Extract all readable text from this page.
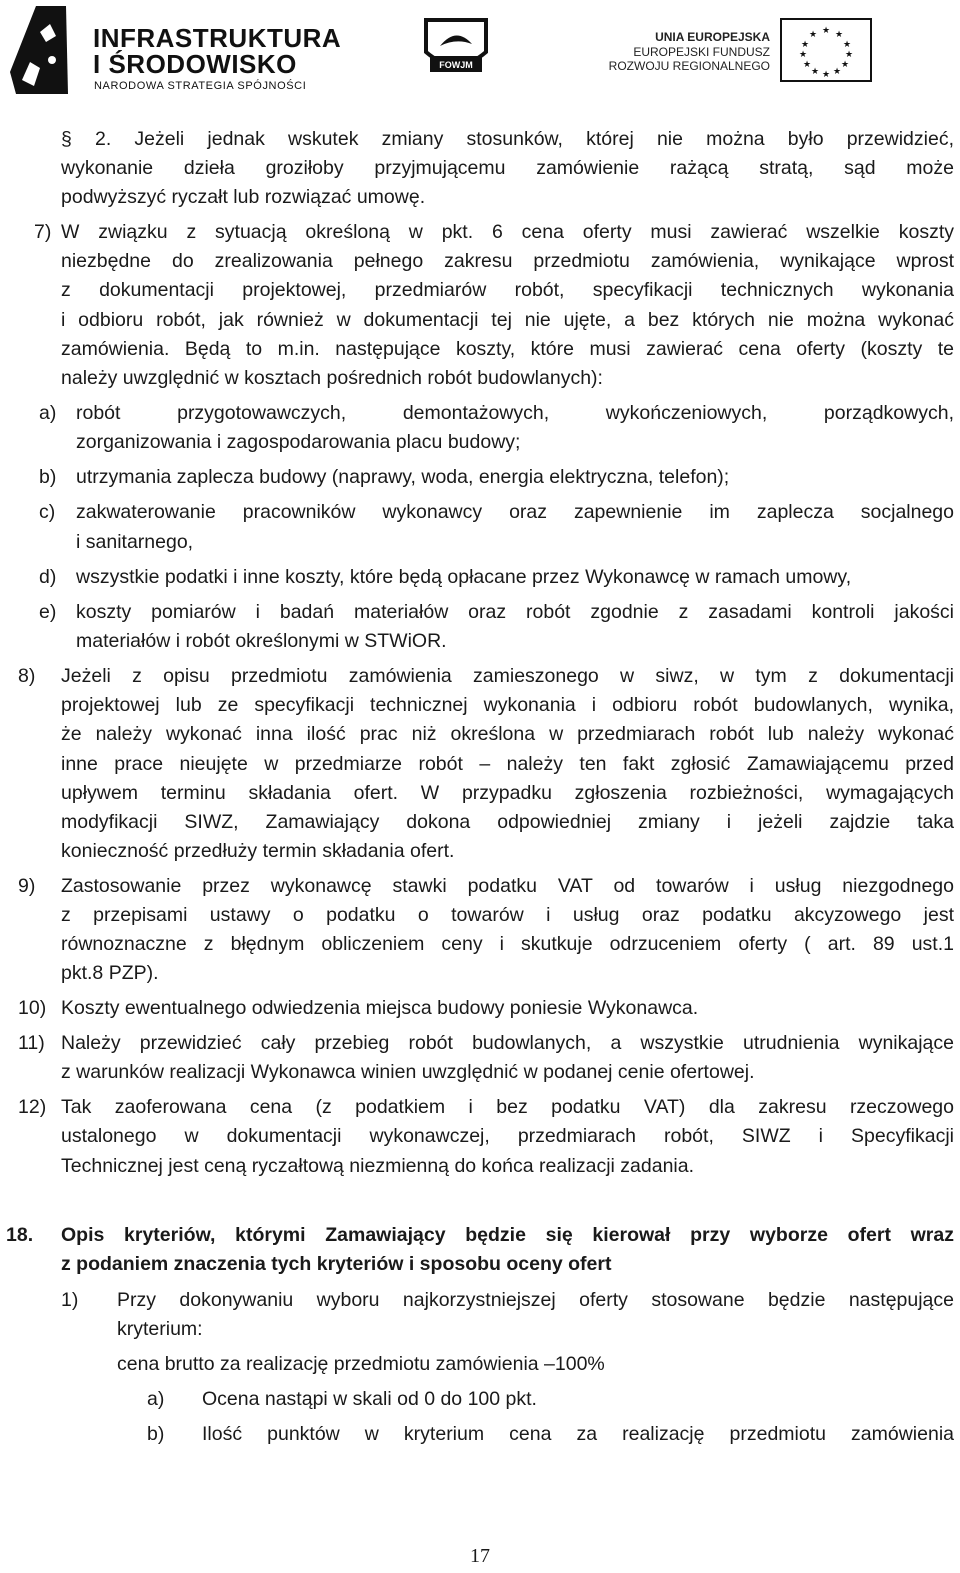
INFRASTRUKTURA
I ŚRODOWISKO
NARODOWA STRATEGIA SPÓJNOŚCI
FOWJM
UNIA EUROPEJSKA
EUROPEJSKI FUNDUSZ
ROZWOJU REGIONALNEGO
★ ★
★
★
★
★
★
★
★
★
★
★
§ 2. Jeżeli jednak wskutek zmiany stosunków, której nie można było przewidzieć,
wykonanie dzieła groziłoby przyjmującemu zamówienie rażącą stratą, sąd może
podwyższyć ryczałt lub rozwiązać umowę.
7) W związku z sytuacją określoną w pkt. 6 cena oferty musi zawierać wszelkie koszty
niezbędne do zrealizowania pełnego zakresu przedmiotu zamówienia, wynikające wprost
z dokumentacji projektowej, przedmiarów robót, specyfikacji technicznych wykonania
i odbioru robót, jak również w dokumentacji tej nie ujęte, a bez których nie można wykonać
zamówienia. Będą to m.in. następujące koszty, które musi zawierać cena oferty (koszty te
należy uwzględnić w kosztach pośrednich robót budowlanych):
a) robót przygotowawczych, demontażowych, wykończeniowych, porządkowych,
zorganizowania i zagospodarowania placu budowy;
b) utrzymania zaplecza budowy (naprawy, woda, energia elektryczna, telefon);
c) zakwaterowanie pracowników wykonawcy oraz zapewnienie im zaplecza socjalnego
i sanitarnego,
d) wszystkie podatki i inne koszty, które będą opłacane przez Wykonawcę w ramach umowy,
e) koszty pomiarów i badań materiałów oraz robót zgodnie z zasadami kontroli jakości
materiałów i robót określonymi w STWiOR.
8) Jeżeli z opisu przedmiotu zamówienia zamieszonego w siwz, w tym z dokumentacji
projektowej lub ze specyfikacji technicznej wykonania i odbioru robót budowlanych, wynika,
że należy wykonać inna ilość prac niż określona w przedmiarach robót lub należy wykonać
inne prace nieujęte w przedmiarze robót – należy ten fakt zgłosić Zamawiającemu przed
upływem terminu składania ofert. W przypadku zgłoszenia rozbieżności, wymagających
modyfikacji SIWZ, Zamawiający dokona odpowiedniej zmiany i jeżeli zajdzie taka
konieczność przedłuży termin składania ofert.
9) Zastosowanie przez wykonawcę stawki podatku VAT od towarów i usług niezgodnego
z przepisami ustawy o podatku o towarów i usług oraz podatku akcyzowego jest
równoznaczne z błędnym obliczeniem ceny i skutkuje odrzuceniem oferty ( art. 89 ust.1
pkt.8 PZP).
10) Koszty ewentualnego odwiedzenia miejsca budowy poniesie Wykonawca.
11) Należy przewidzieć cały przebieg robót budowlanych, a wszystkie utrudnienia wynikające
z warunków realizacji Wykonawca winien uwzględnić w podanej cenie ofertowej.
12) Tak zaoferowana cena (z podatkiem i bez podatku VAT) dla zakresu rzeczowego
ustalonego w dokumentacji wykonawczej, przedmiarach robót, SIWZ i Specyfikacji
Technicznej jest ceną ryczałtową niezmienną do końca realizacji zadania.
18. Opis kryteriów, którymi Zamawiający będzie się kierował przy wyborze ofert wraz
z podaniem znaczenia tych kryteriów i sposobu oceny ofert
1) Przy dokonywaniu wyboru najkorzystniejszej oferty stosowane będzie następujące
kryterium:
cena brutto za realizację przedmiotu zamówienia –100%
a) Ocena nastąpi w skali od 0 do 100 pkt.
b) Ilość punktów w kryterium cena za realizację przedmiotu zamówienia
17
